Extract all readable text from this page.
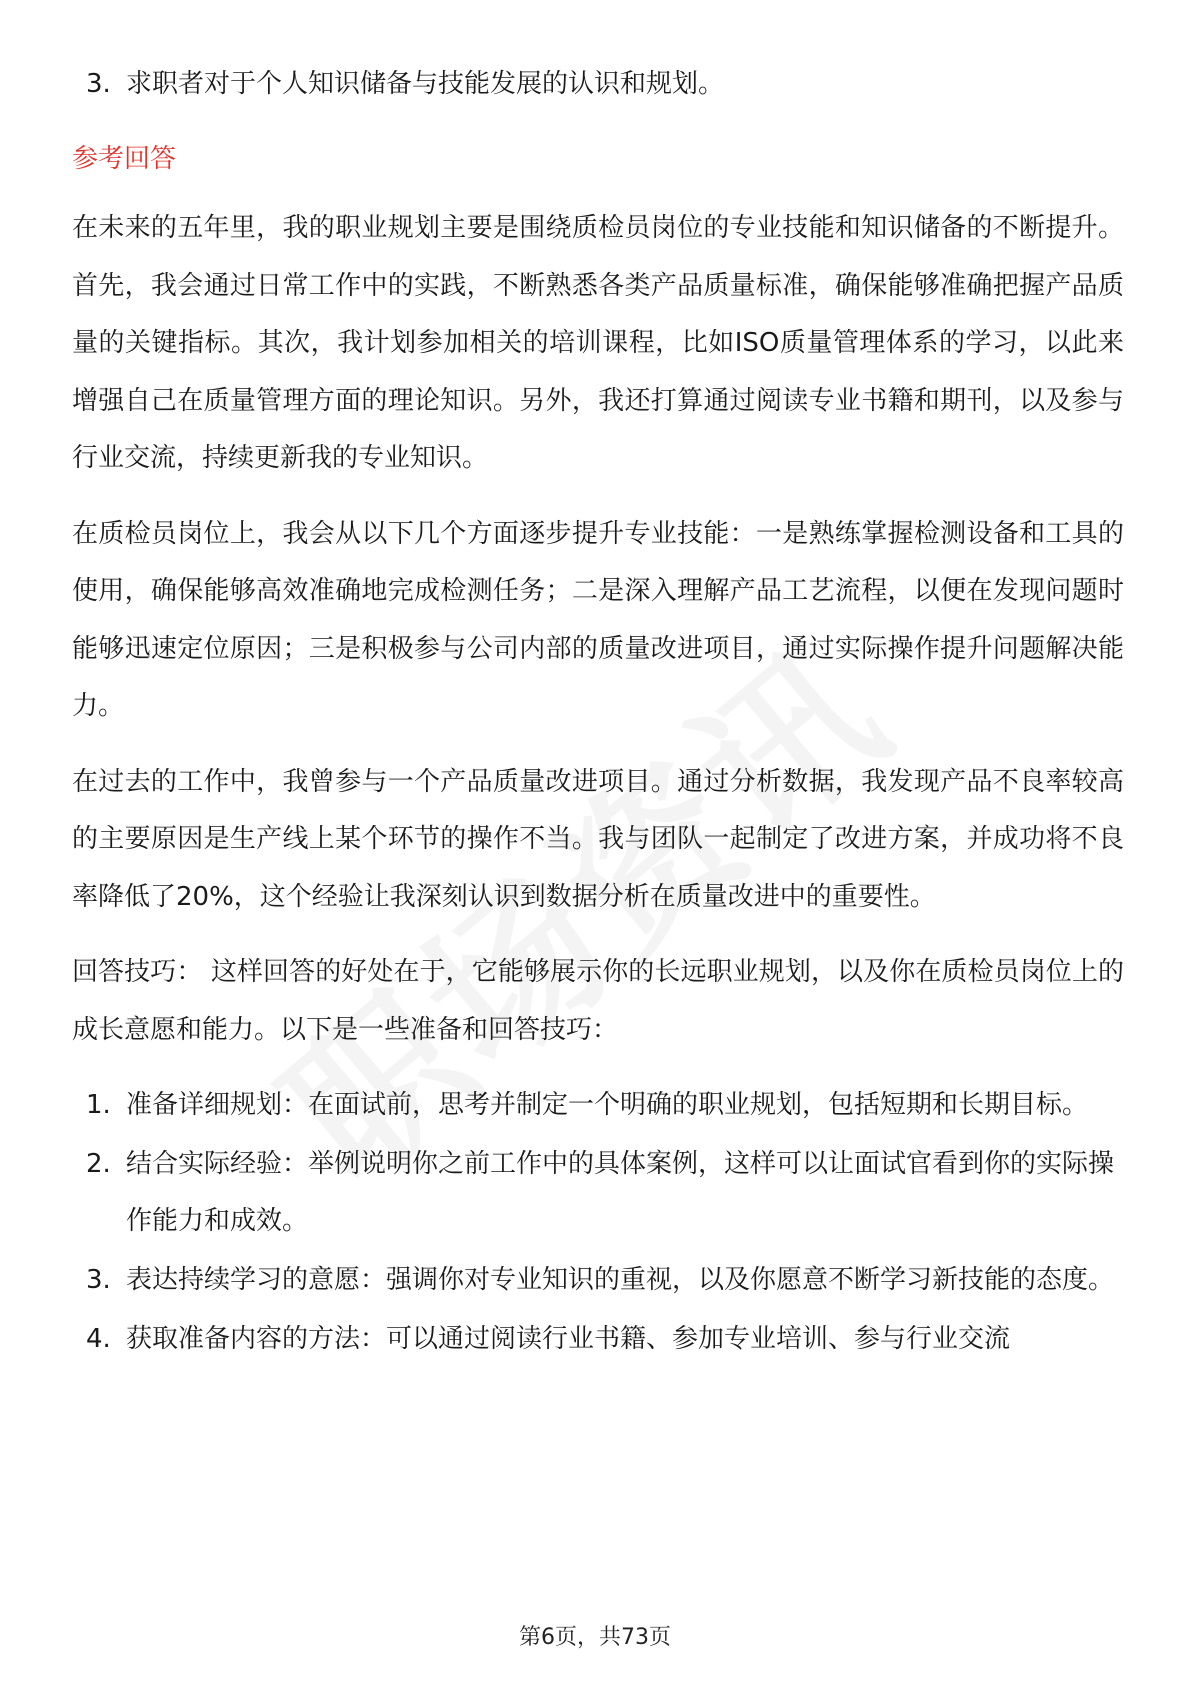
3. 求职者对于个人知识储备与技能发展的认识和规划。
参考回答
在未来的五年里，我的职业规划主要是围绕质检员岗位的专业技能和知识储备的不断提升。首先，我会通过日常工作中的实践，不断熟悉各类产品质量标准，确保能够准确把握产品质量的关键指标。其次，我计划参加相关的培训课程，比如ISO质量管理体系的学习，以此来增强自己在质量管理方面的理论知识。另外，我还打算通过阅读专业书籍和期刊，以及参与行业交流，持续更新我的专业知识。
在质检员岗位上，我会从以下几个方面逐步提升专业技能：一是熟练掌握检测设备和工具的使用，确保能够高效准确地完成检测任务；二是深入理解产品工艺流程，以便在发现问题时能够迅速定位原因；三是积极参与公司内部的质量改进项目，通过实际操作提升问题解决能力。
在过去的工作中，我曾参与一个产品质量改进项目。通过分析数据，我发现产品不良率较高的主要原因是生产线上某个环节的操作不当。我与团队一起制定了改进方案，并成功将不良率降低了20%，这个经验让我深刻认识到数据分析在质量改进中的重要性。
回答技巧： 这样回答的好处在于，它能够展示你的长远职业规划，以及你在质检员岗位上的成长意愿和能力。以下是一些准备和回答技巧：
1. 准备详细规划：在面试前，思考并制定一个明确的职业规划，包括短期和长期目标。
2. 结合实际经验：举例说明你之前工作中的具体案例，这样可以让面试官看到你的实际操作能力和成效。
3. 表达持续学习的意愿：强调你对专业知识的重视，以及你愿意不断学习新技能的态度。
4. 获取准备内容的方法：可以通过阅读行业书籍、参加专业培训、参与行业交流
第6页，共73页
